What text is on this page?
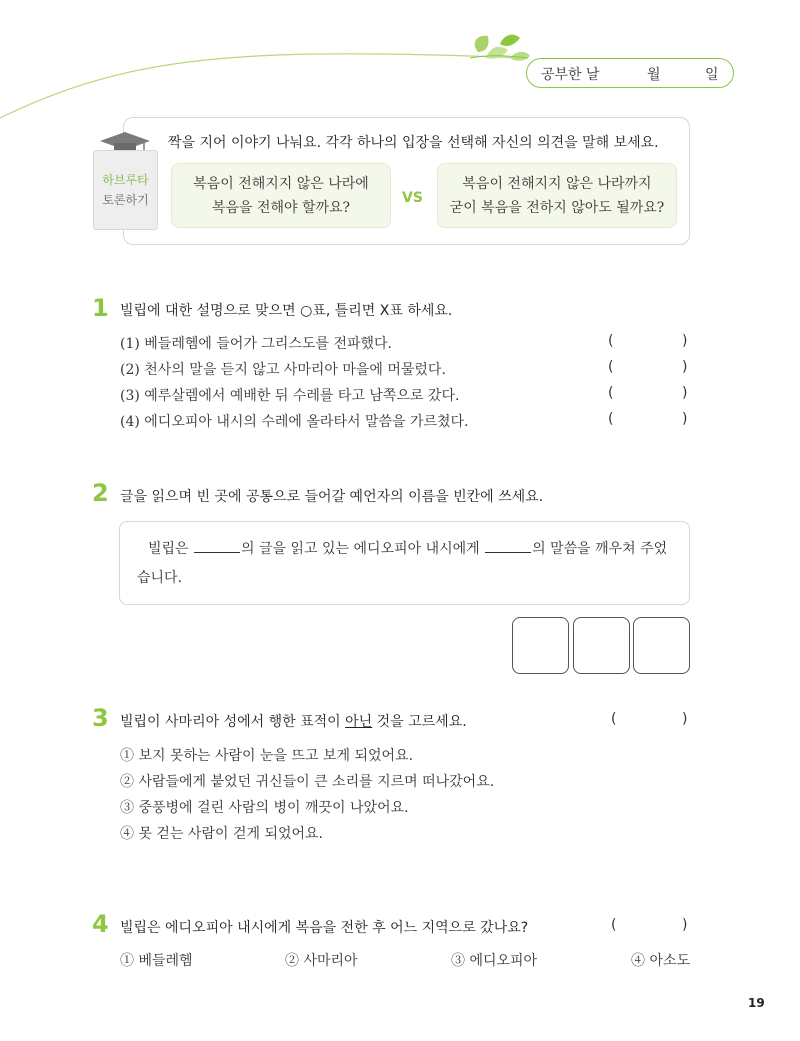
공부한 날	월	일
하브루타
토론하기
짝을 지어 이야기 나눠요. 각각 하나의 입장을 선택해 자신의 의견을 말해 보세요.
복음이 전해지지 않은 나라에
복음을 전해야 할까요?
VS
복음이 전해지지 않은 나라까지
굳이 복음을 전하지 않아도 될까요?
1 빌립에 대한 설명으로 맞으면 ○표, 틀리면 X표 하세요.
(1) 베들레헴에 들어가 그리스도를 전파했다.	(	)
(2) 천사의 말을 듣지 않고 사마리아 마을에 머물렀다.	(	)
(3) 예루살렘에서 예배한 뒤 수레를 타고 남쪽으로 갔다.	(	)
(4) 에디오피아 내시의 수레에 올라타서 말씀을 가르쳤다.	(	)
2 글을 읽으며 빈 곳에 공통으로 들어갈 예언자의 이름을 빈칸에 쓰세요.
빌립은	의 글을 읽고 있는 에디오피아 내시에게	의 말씀을 깨우쳐 주었
습니다.
3 빌립이 사마리아 성에서 행한 표적이 아닌 것을 고르세요.	(	)
① 보지 못하는 사람이 눈을 뜨고 보게 되었어요.
② 사람들에게 붙었던 귀신들이 큰 소리를 지르며 떠나갔어요.
③ 중풍병에 걸린 사람의 병이 깨끗이 나았어요.
④ 못 걷는 사람이 걷게 되었어요.
4 빌립은 에디오피아 내시에게 복음을 전한 후 어느 지역으로 갔나요?	(	)
① 베들레헴	② 사마리아	③ 에디오피아	④ 아소도
19
